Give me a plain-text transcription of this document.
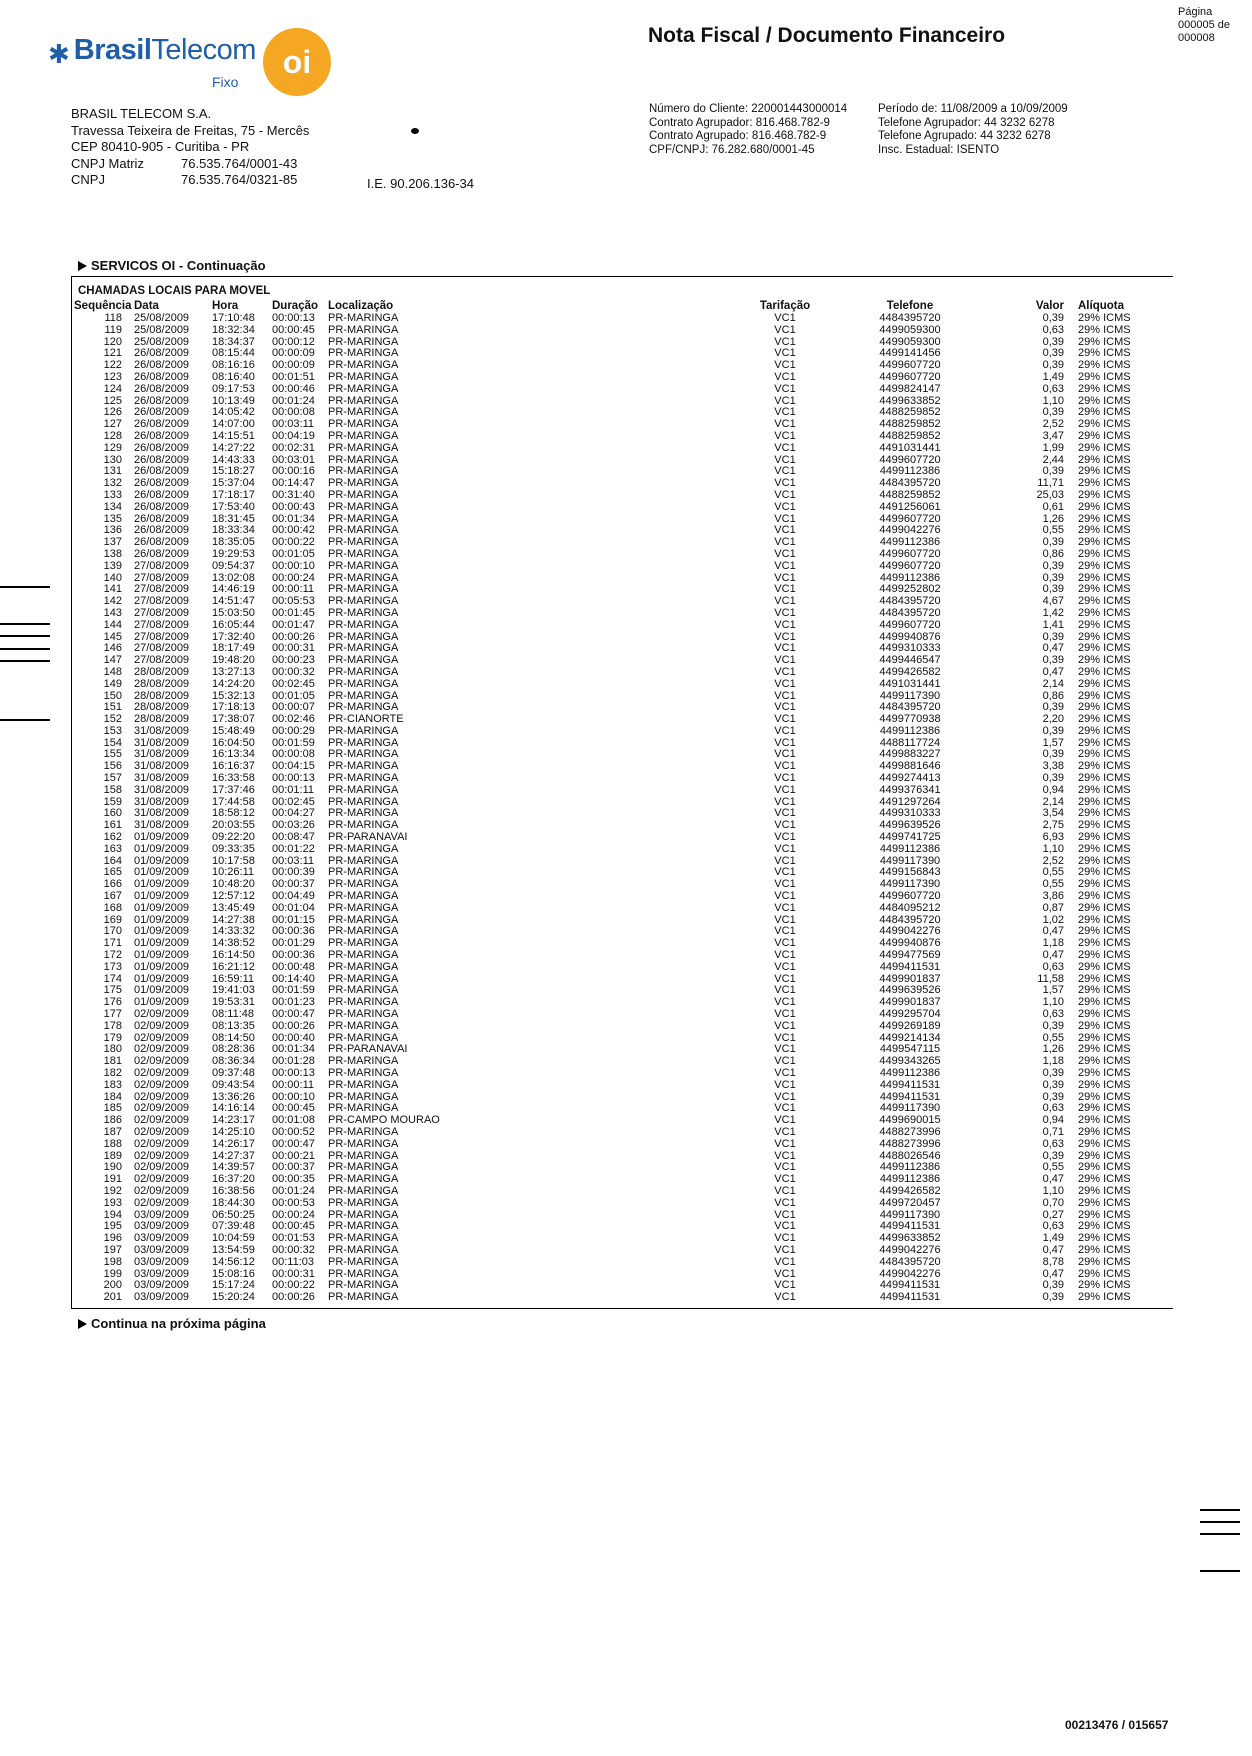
✱ Brasil Telecom
Fixo
oi
Nota Fiscal / Documento Financeiro
Página
000005 de
000008
BRASIL TELECOM S.A.
Travessa Teixeira de Freitas, 75 - Mercês
CEP 80410-905 - Curitiba - PR
CNPJ Matriz	76.535.764/0001-43
CNPJ	76.535.764/0321-85	I.E. 90.206.136-34
Número do Cliente: 220001443000014
Contrato Agrupador: 816.468.782-9
Contrato Agrupado: 816.468.782-9
CPF/CNPJ: 76.282.680/0001-45
Período de: 11/08/2009 a 10/09/2009
Telefone Agrupador: 44 3232 6278
Telefone Agrupado: 44 3232 6278
Insc. Estadual: ISENTO
SERVICOS OI - Continuação
CHAMADAS LOCAIS PARA MOVEL
Sequência Data	Hora	Duração Localização	Tarifação	Telefone	Valor	Alíquota
118	25/08/2009	17:10:48	00:00:13	PR-MARINGA	VC1	4484395720	0,39	29% ICMS
119	25/08/2009	18:32:34	00:00:45	PR-MARINGA	VC1	4499059300	0,63	29% ICMS
120	25/08/2009	18:34:37	00:00:12	PR-MARINGA	VC1	4499059300	0,39	29% ICMS
121	26/08/2009	08:15:44	00:00:09	PR-MARINGA	VC1	4499141456	0,39	29% ICMS
122	26/08/2009	08:16:16	00:00:09	PR-MARINGA	VC1	4499607720	0,39	29% ICMS
123	26/08/2009	08:16:40	00:01:51	PR-MARINGA	VC1	4499607720	1,49	29% ICMS
124	26/08/2009	09:17:53	00:00:46	PR-MARINGA	VC1	4499824147	0,63	29% ICMS
125	26/08/2009	10:13:49	00:01:24	PR-MARINGA	VC1	4499633852	1,10	29% ICMS
126	26/08/2009	14:05:42	00:00:08	PR-MARINGA	VC1	4488259852	0,39	29% ICMS
127	26/08/2009	14:07:00	00:03:11	PR-MARINGA	VC1	4488259852	2,52	29% ICMS
128	26/08/2009	14:15:51	00:04:19	PR-MARINGA	VC1	4488259852	3,47	29% ICMS
129	26/08/2009	14:27:22	00:02:31	PR-MARINGA	VC1	4491031441	1,99	29% ICMS
130	26/08/2009	14:43:33	00:03:01	PR-MARINGA	VC1	4499607720	2,44	29% ICMS
131	26/08/2009	15:18:27	00:00:16	PR-MARINGA	VC1	4499112386	0,39	29% ICMS
132	26/08/2009	15:37:04	00:14:47	PR-MARINGA	VC1	4484395720	11,71	29% ICMS
133	26/08/2009	17:18:17	00:31:40	PR-MARINGA	VC1	4488259852	25,03	29% ICMS
134	26/08/2009	17:53:40	00:00:43	PR-MARINGA	VC1	4491256061	0,61	29% ICMS
135	26/08/2009	18:31:45	00:01:34	PR-MARINGA	VC1	4499607720	1,26	29% ICMS
136	26/08/2009	18:33:34	00:00:42	PR-MARINGA	VC1	4499042276	0,55	29% ICMS
137	26/08/2009	18:35:05	00:00:22	PR-MARINGA	VC1	4499112386	0,39	29% ICMS
138	26/08/2009	19:29:53	00:01:05	PR-MARINGA	VC1	4499607720	0,86	29% ICMS
139	27/08/2009	09:54:37	00:00:10	PR-MARINGA	VC1	4499607720	0,39	29% ICMS
140	27/08/2009	13:02:08	00:00:24	PR-MARINGA	VC1	4499112386	0,39	29% ICMS
141	27/08/2009	14:46:19	00:00:11	PR-MARINGA	VC1	4499252802	0,39	29% ICMS
142	27/08/2009	14:51:47	00:05:53	PR-MARINGA	VC1	4484395720	4,67	29% ICMS
143	27/08/2009	15:03:50	00:01:45	PR-MARINGA	VC1	4484395720	1,42	29% ICMS
144	27/08/2009	16:05:44	00:01:47	PR-MARINGA	VC1	4499607720	1,41	29% ICMS
145	27/08/2009	17:32:40	00:00:26	PR-MARINGA	VC1	4499940876	0,39	29% ICMS
146	27/08/2009	18:17:49	00:00:31	PR-MARINGA	VC1	4499310333	0,47	29% ICMS
147	27/08/2009	19:48:20	00:00:23	PR-MARINGA	VC1	4499446547	0,39	29% ICMS
148	28/08/2009	13:27:13	00:00:32	PR-MARINGA	VC1	4499426582	0,47	29% ICMS
149	28/08/2009	14:24:20	00:02:45	PR-MARINGA	VC1	4491031441	2,14	29% ICMS
150	28/08/2009	15:32:13	00:01:05	PR-MARINGA	VC1	4499117390	0,86	29% ICMS
151	28/08/2009	17:18:13	00:00:07	PR-MARINGA	VC1	4484395720	0,39	29% ICMS
152	28/08/2009	17:38:07	00:02:46	PR-CIANORTE	VC1	4499770938	2,20	29% ICMS
153	31/08/2009	15:48:49	00:00:29	PR-MARINGA	VC1	4499112386	0,39	29% ICMS
154	31/08/2009	16:04:50	00:01:59	PR-MARINGA	VC1	4488117724	1,57	29% ICMS
155	31/08/2009	16:13:34	00:00:08	PR-MARINGA	VC1	4499883227	0,39	29% ICMS
156	31/08/2009	16:16:37	00:04:15	PR-MARINGA	VC1	4499881646	3,38	29% ICMS
157	31/08/2009	16:33:58	00:00:13	PR-MARINGA	VC1	4499274413	0,39	29% ICMS
158	31/08/2009	17:37:46	00:01:11	PR-MARINGA	VC1	4499376341	0,94	29% ICMS
159	31/08/2009	17:44:58	00:02:45	PR-MARINGA	VC1	4491297264	2,14	29% ICMS
160	31/08/2009	18:58:12	00:04:27	PR-MARINGA	VC1	4499310333	3,54	29% ICMS
161	31/08/2009	20:03:55	00:03:26	PR-MARINGA	VC1	4499639526	2,75	29% ICMS
162	01/09/2009	09:22:20	00:08:47	PR-PARANAVAI	VC1	4499741725	6,93	29% ICMS
163	01/09/2009	09:33:35	00:01:22	PR-MARINGA	VC1	4499112386	1,10	29% ICMS
164	01/09/2009	10:17:58	00:03:11	PR-MARINGA	VC1	4499117390	2,52	29% ICMS
165	01/09/2009	10:26:11	00:00:39	PR-MARINGA	VC1	4499156843	0,55	29% ICMS
166	01/09/2009	10:48:20	00:00:37	PR-MARINGA	VC1	4499117390	0,55	29% ICMS
167	01/09/2009	12:57:12	00:04:49	PR-MARINGA	VC1	4499607720	3,86	29% ICMS
168	01/09/2009	13:45:49	00:01:04	PR-MARINGA	VC1	4484095212	0,87	29% ICMS
169	01/09/2009	14:27:38	00:01:15	PR-MARINGA	VC1	4484395720	1,02	29% ICMS
170	01/09/2009	14:33:32	00:00:36	PR-MARINGA	VC1	4499042276	0,47	29% ICMS
171	01/09/2009	14:38:52	00:01:29	PR-MARINGA	VC1	4499940876	1,18	29% ICMS
172	01/09/2009	16:14:50	00:00:36	PR-MARINGA	VC1	4499477569	0,47	29% ICMS
173	01/09/2009	16:21:12	00:00:48	PR-MARINGA	VC1	4499411531	0,63	29% ICMS
174	01/09/2009	16:59:11	00:14:40	PR-MARINGA	VC1	4499901837	11,58	29% ICMS
175	01/09/2009	19:41:03	00:01:59	PR-MARINGA	VC1	4499639526	1,57	29% ICMS
176	01/09/2009	19:53:31	00:01:23	PR-MARINGA	VC1	4499901837	1,10	29% ICMS
177	02/09/2009	08:11:48	00:00:47	PR-MARINGA	VC1	4499295704	0,63	29% ICMS
178	02/09/2009	08:13:35	00:00:26	PR-MARINGA	VC1	4499269189	0,39	29% ICMS
179	02/09/2009	08:14:50	00:00:40	PR-MARINGA	VC1	4499214134	0,55	29% ICMS
180	02/09/2009	08:28:36	00:01:34	PR-PARANAVAI	VC1	4499547115	1,26	29% ICMS
181	02/09/2009	08:36:34	00:01:28	PR-MARINGA	VC1	4499343265	1,18	29% ICMS
182	02/09/2009	09:37:48	00:00:13	PR-MARINGA	VC1	4499112386	0,39	29% ICMS
183	02/09/2009	09:43:54	00:00:11	PR-MARINGA	VC1	4499411531	0,39	29% ICMS
184	02/09/2009	13:36:26	00:00:10	PR-MARINGA	VC1	4499411531	0,39	29% ICMS
185	02/09/2009	14:16:14	00:00:45	PR-MARINGA	VC1	4499117390	0,63	29% ICMS
186	02/09/2009	14:23:17	00:01:08	PR-CAMPO MOURAO	VC1	4499690015	0,94	29% ICMS
187	02/09/2009	14:25:10	00:00:52	PR-MARINGA	VC1	4488273996	0,71	29% ICMS
188	02/09/2009	14:26:17	00:00:47	PR-MARINGA	VC1	4488273996	0,63	29% ICMS
189	02/09/2009	14:27:37	00:00:21	PR-MARINGA	VC1	4488026546	0,39	29% ICMS
190	02/09/2009	14:39:57	00:00:37	PR-MARINGA	VC1	4499112386	0,55	29% ICMS
191	02/09/2009	16:37:20	00:00:35	PR-MARINGA	VC1	4499112386	0,47	29% ICMS
192	02/09/2009	16:38:56	00:01:24	PR-MARINGA	VC1	4499426582	1,10	29% ICMS
193	02/09/2009	18:44:30	00:00:53	PR-MARINGA	VC1	4499720457	0,70	29% ICMS
194	03/09/2009	06:50:25	00:00:24	PR-MARINGA	VC1	4499117390	0,27	29% ICMS
195	03/09/2009	07:39:48	00:00:45	PR-MARINGA	VC1	4499411531	0,63	29% ICMS
196	03/09/2009	10:04:59	00:01:53	PR-MARINGA	VC1	4499633852	1,49	29% ICMS
197	03/09/2009	13:54:59	00:00:32	PR-MARINGA	VC1	4499042276	0,47	29% ICMS
198	03/09/2009	14:56:12	00:11:03	PR-MARINGA	VC1	4484395720	8,78	29% ICMS
199	03/09/2009	15:08:16	00:00:31	PR-MARINGA	VC1	4499042276	0,47	29% ICMS
200	03/09/2009	15:17:24	00:00:22	PR-MARINGA	VC1	4499411531	0,39	29% ICMS
201	03/09/2009	15:20:24	00:00:26	PR-MARINGA	VC1	4499411531	0,39	29% ICMS
Continua na próxima página
00213476 / 015657
